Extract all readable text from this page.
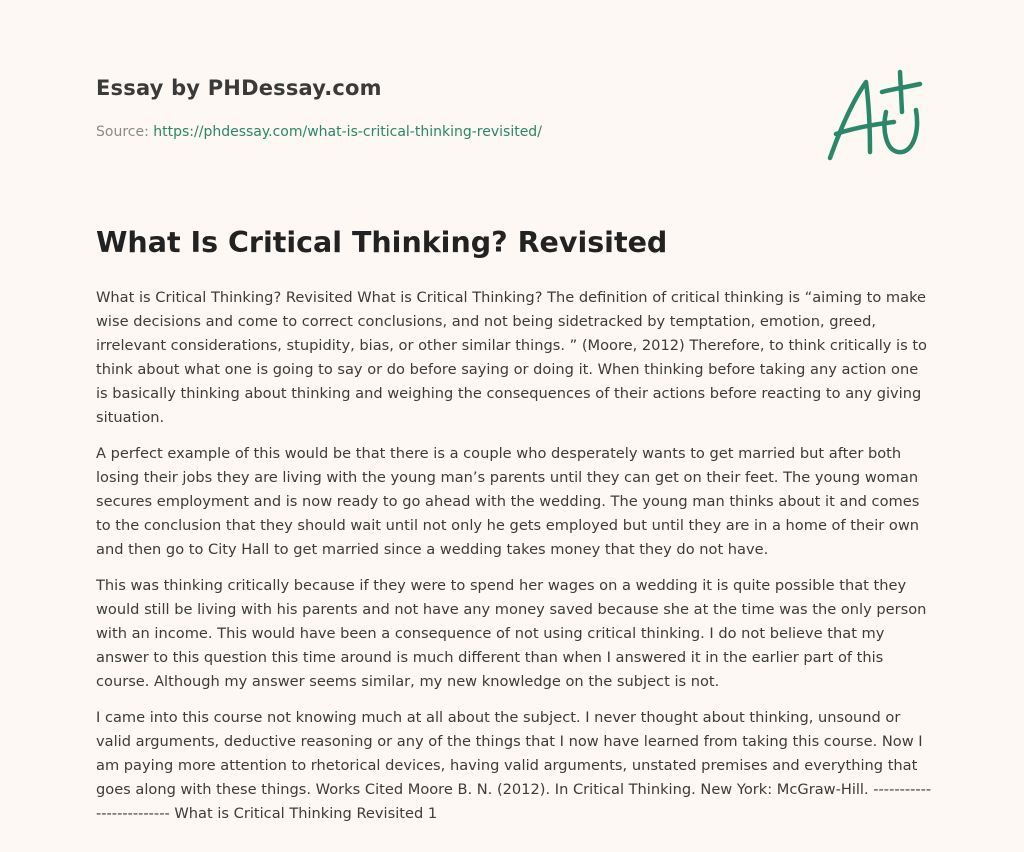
Essay by PHDessay.com
Source: https://phdessay.com/what-is-critical-thinking-revisited/
What Is Critical Thinking? Revisited

What is Critical Thinking? Revisited What is Critical Thinking? The definition of critical thinking is “aiming to make wise decisions and come to correct conclusions, and not being sidetracked by temptation, emotion, greed, irrelevant considerations, stupidity, bias, or other similar things. ” (Moore, 2012) Therefore, to think critically is to think about what one is going to say or do before saying or doing it. When thinking before taking any action one is basically thinking about thinking and weighing the consequences of their actions before reacting to any giving situation.

A perfect example of this would be that there is a couple who desperately wants to get married but after both losing their jobs they are living with the young man’s parents until they can get on their feet. The young woman secures employment and is now ready to go ahead with the wedding. The young man thinks about it and comes to the conclusion that they should wait until not only he gets employed but until they are in a home of their own and then go to City Hall to get married since a wedding takes money that they do not have.

This was thinking critically because if they were to spend her wages on a wedding it is quite possible that they would still be living with his parents and not have any money saved because she at the time was the only person with an income. This would have been a consequence of not using critical thinking. I do not believe that my answer to this question this time around is much different than when I answered it in the earlier part of this course. Although my answer seems similar, my new knowledge on the subject is not.

I came into this course not knowing much at all about the subject. I never thought about thinking, unsound or valid arguments, deductive reasoning or any of the things that I now have learned from taking this course. Now I am paying more attention to rhetorical devices, having valid arguments, unstated premises and everything that goes along with these things. Works Cited Moore B. N. (2012). In Critical Thinking. New York: McGraw-Hill. ------------------------- What is Critical Thinking Revisited 1
